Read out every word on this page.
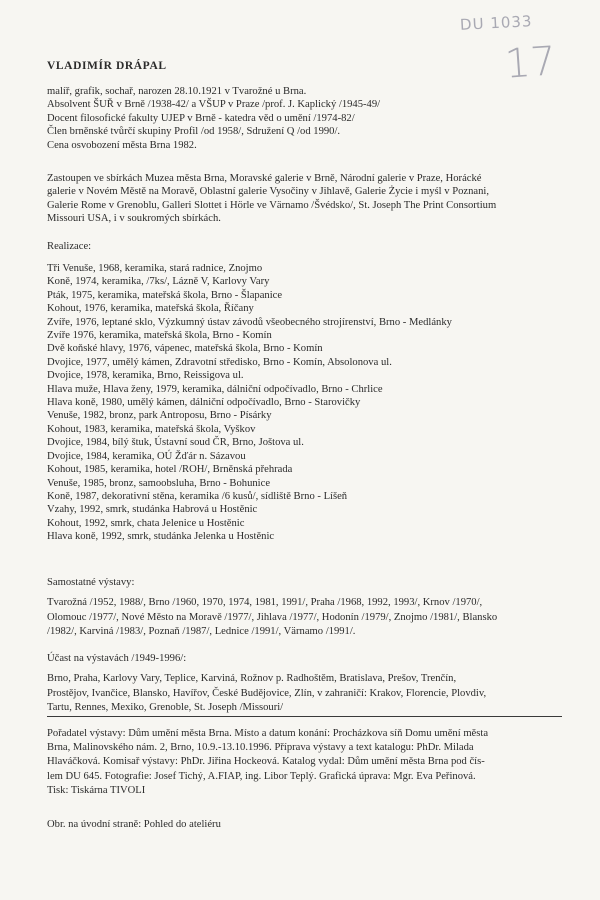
DU 1033
17
VLADIMÍR DRÁPAL
malíř, grafik, sochař, narozen 28.10.1921 v Tvarožné u Brna.
Absolvent ŠUŘ v Brně /1938-42/ a VŠUP v Praze /prof. J. Kaplický /1945-49/
Docent filosofické fakulty UJEP v Brně - katedra věd o umění /1974-82/
Člen brněnské tvůrčí skupiny Profil /od 1958/, Sdružení Q /od 1990/.
Cena osvobození města Brna 1982.
Zastoupen ve sbírkách Muzea města Brna, Moravské galerie v Brně, Národní galerie v Praze, Horácké
galerie v Novém Městě na Moravě, Oblastní galerie Vysočiny v Jihlavě, Galerie Życie i myśl v Poznani,
Galerie Rome v Grenoblu, Galleri Slottet i Hörle ve Värnamo /Švédsko/, St. Joseph The Print Consortium
Missouri USA, i v soukromých sbírkách.
Realizace:
Tři Venuše, 1968, keramika, stará radnice, Znojmo
Koně, 1974, keramika, /7ks/, Lázně V, Karlovy Vary
Pták, 1975, keramika, mateřská škola, Brno - Šlapanice
Kohout, 1976, keramika, mateřská škola, Říčany
Zvíře, 1976, leptané sklo, Výzkumný ústav závodů všeobecného strojírenství, Brno - Medlánky
Zvíře 1976, keramika, mateřská škola, Brno - Komín
Dvě koňské hlavy, 1976, vápenec, mateřská škola, Brno - Komín
Dvojice, 1977, umělý kámen, Zdravotní středisko, Brno - Komín, Absolonova ul.
Dvojice, 1978, keramika, Brno, Reissigova ul.
Hlava muže, Hlava ženy, 1979, keramika, dálniční odpočívadlo, Brno - Chrlice
Hlava koně, 1980, umělý kámen, dálniční odpočívadlo, Brno - Starovičky
Venuše, 1982, bronz, park Antroposu, Brno - Písárky
Kohout, 1983, keramika, mateřská škola, Vyškov
Dvojice, 1984, bílý štuk, Ústavní soud ČR, Brno, Joštova ul.
Dvojice, 1984, keramika, OÚ Žďár n. Sázavou
Kohout, 1985, keramika, hotel /ROH/, Brněnská přehrada
Venuše, 1985, bronz, samoobsluha, Brno - Bohunice
Koně, 1987, dekorativní stěna, keramika /6 kusů/, sídliště Brno - Líšeň
Vzahy, 1992, smrk, studánka Habrová u Hostěnic
Kohout, 1992, smrk, chata Jelenice u Hostěnic
Hlava koně, 1992, smrk, studánka Jelenka u Hostěnic
Samostatné výstavy:
Tvarožná /1952, 1988/, Brno /1960, 1970, 1974, 1981, 1991/, Praha /1968, 1992, 1993/, Krnov /1970/,
Olomouc /1977/, Nové Město na Moravě /1977/, Jihlava /1977/, Hodonín /1979/, Znojmo /1981/, Blansko
/1982/, Karviná /1983/, Poznaň /1987/, Lednice /1991/, Värnamo /1991/.
Účast na výstavách /1949-1996/:
Brno, Praha, Karlovy Vary, Teplice, Karviná, Rožnov p. Radhoštěm, Bratislava, Prešov, Trenčín,
Prostějov, Ivančice, Blansko, Havířov, České Budějovice, Zlín, v zahraničí: Krakov, Florencie, Plovdiv,
Tartu, Rennes, Mexiko, Grenoble, St. Joseph /Missouri/
Pořadatel výstavy: Dům umění města Brna. Místo a datum konání: Procházkova síň Domu umění města
Brna, Malinovského nám. 2, Brno, 10.9.-13.10.1996. Příprava výstavy a text katalogu: PhDr. Milada
Hlaváčková. Komisař výstavy: PhDr. Jiřina Hockeová. Katalog vydal: Dům umění města Brna pod čís-
lem DU 645. Fotografie: Josef Tichý, A.FIAP, ing. Libor Teplý. Grafická úprava: Mgr. Eva Peřinová.
Tisk: Tiskárna TIVOLI
Obr. na úvodní straně: Pohled do ateliéru
